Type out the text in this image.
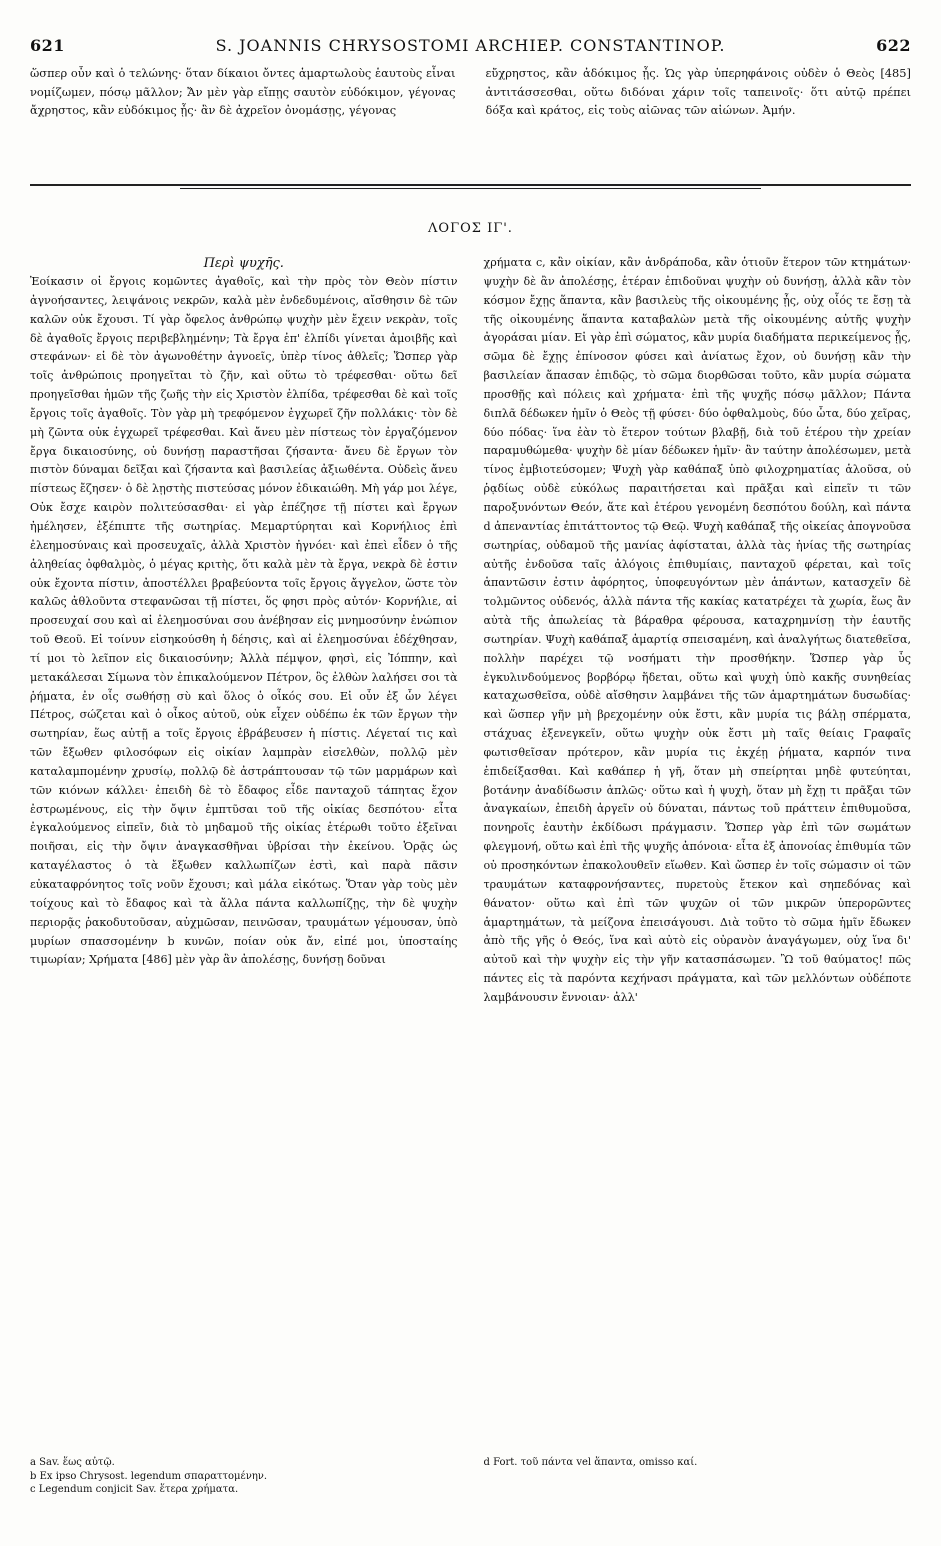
621	S. JOANNIS CHRYSOSTOMI ARCHIEP. CONSTANTINOP.	622

ὥσπερ οὖν καὶ ὁ τελώνης· ὅταν δίκαιοι ὄντες ἁμαρτωλοὺς ἑαυτοὺς εἶναι νομίζωμεν, πόσῳ μᾶλλον; Ἄν μὲν γὰρ εἴπῃς σαυτὸν εὐδόκιμον, γέγονας ἄχρηστος, κἂν εὐδόκιμος ᾖς· ἂν δὲ ἀχρεῖον ὀνομάσῃς, γέγονας

εὔχρηστος, κἂν ἀδόκιμος ᾖς. Ὡς γὰρ ὑπερηφάνοις οὐδὲν ὁ Θεὸς [485] ἀντιτάσσεσθαι, οὕτω διδόναι χάριν τοῖς ταπεινοῖς· ὅτι αὐτῷ πρέπει δόξα καὶ κράτος, εἰς τοὺς αἰῶνας τῶν αἰώνων. Ἀμήν.

ΛΟΓΟΣ ΙΓ'.

Περὶ ψυχῆς.

Ἐοίκασιν οἱ ἔργοις κομῶντες ἀγαθοῖς, καὶ τὴν πρὸς τὸν Θεὸν πίστιν ἀγνοήσαντες, λειψάνοις νεκρῶν, καλὰ μὲν ἐνδεδυμένοις, αἴσθησιν δὲ τῶν καλῶν οὐκ ἔχουσι. Τί γὰρ ὄφελος ἀνθρώπῳ ψυχὴν μὲν ἔχειν νεκρὰν, τοῖς δὲ ἀγαθοῖς ἔργοις περιβεβλημένην; Τὰ ἔργα ἐπ' ἐλπίδι γίνεται ἀμοιβῆς καὶ στεφάνων· εἰ δὲ τὸν ἀγωνοθέτην ἀγνοεῖς, ὑπὲρ τίνος ἀθλεῖς; Ὥσπερ γὰρ τοῖς ἀνθρώποις προηγεῖται τὸ ζῆν, καὶ οὕτω τὸ τρέφεσθαι· οὕτω δεῖ προηγεῖσθαι ἡμῶν τῆς ζωῆς τὴν εἰς Χριστὸν ἐλπίδα, τρέφεσθαι δὲ καὶ τοῖς ἔργοις τοῖς ἀγαθοῖς. Τὸν γὰρ μὴ τρεφόμενον ἐγχωρεῖ ζῆν πολλάκις· τὸν δὲ μὴ ζῶντα οὐκ ἐγχωρεῖ τρέφεσθαι. Καὶ ἄνευ μὲν πίστεως τὸν ἐργαζόμενον ἔργα δικαιοσύνης, οὐ δυνήσῃ παραστῆσαι ζήσαντα· ἄνευ δὲ ἔργων τὸν πιστὸν δύναμαι δεῖξαι καὶ ζήσαντα καὶ βασιλείας ἀξιωθέντα. Οὐδεὶς ἄνευ πίστεως ἔζησεν· ὁ δὲ λῃστὴς πιστεύσας μόνον ἐδικαιώθη. Μὴ γάρ μοι λέγε, Οὐκ ἔσχε καιρὸν πολιτεύσασθαι· εἰ γὰρ ἐπέζησε τῇ πίστει καὶ ἔργων ἠμέλησεν, ἐξέπιπτε τῆς σωτηρίας. Μεμαρτύρηται καὶ Κορνήλιος ἐπὶ ἐλεημοσύναις καὶ προσευχαῖς, ἀλλὰ Χριστὸν ἠγνόει· καὶ ἐπεὶ εἶδεν ὁ τῆς ἀληθείας ὀφθαλμὸς, ὁ μέγας κριτὴς, ὅτι καλὰ μὲν τὰ ἔργα, νεκρὰ δὲ ἐστιν οὐκ ἔχοντα πίστιν, ἀποστέλλει βραβεύοντα τοῖς ἔργοις ἄγγελον, ὥστε τὸν καλῶς ἀθλοῦντα στεφανῶσαι τῇ πίστει, ὅς φησι πρὸς αὐτόν· Κορνήλιε, αἱ προσευχαί σου καὶ αἱ ἐλεημοσύναι σου ἀνέβησαν εἰς μνημοσύνην ἐνώπιον τοῦ Θεοῦ. Εἰ τοίνυν εἰσηκούσθη ἡ δέησις, καὶ αἱ ἐλεημοσύναι ἐδέχθησαν, τί μοι τὸ λεῖπον εἰς δικαιοσύνην; Ἀλλὰ πέμψον, φησὶ, εἰς Ἰόππην, καὶ μετακάλεσαι Σίμωνα τὸν ἐπικαλούμενον Πέτρον, ὃς ἐλθὼν λαλήσει σοι τὰ ῥήματα, ἐν οἷς σωθήσῃ σὺ καὶ ὅλος ὁ οἶκός σου. Εἰ οὖν ἐξ ὧν λέγει Πέτρος, σώζεται καὶ ὁ οἶκος αὐτοῦ, οὐκ εἶχεν οὐδέπω ἐκ τῶν ἔργων τὴν σωτηρίαν, ἕως αὐτῇ a τοῖς ἔργοις ἐβράβευσεν ἡ πίστις. Λέγεταί τις καὶ τῶν ἔξωθεν φιλοσόφων εἰς οἰκίαν λαμπρὰν εἰσελθὼν, πολλῷ μὲν καταλαμπομένην χρυσίῳ, πολλῷ δὲ ἀστράπτουσαν τῷ τῶν μαρμάρων καὶ τῶν κιόνων κάλλει· ἐπειδὴ δὲ τὸ ἔδαφος εἶδε πανταχοῦ τάπητας ἔχον ἐστρωμένους, εἰς τὴν ὄψιν ἐμπτῦσαι τοῦ τῆς οἰκίας δεσπότου· εἶτα ἐγκαλούμενος εἰπεῖν, διὰ τὸ μηδαμοῦ τῆς οἰκίας ἑτέρωθι τοῦτο ἐξεῖναι ποιῆσαι, εἰς τὴν ὄψιν ἀναγκασθῆναι ὑβρίσαι τὴν ἐκείνου. Ὁρᾷς ὡς καταγέλαστος ὁ τὰ ἔξωθεν καλλωπίζων ἐστὶ, καὶ παρὰ πᾶσιν εὐκαταφρόνητος τοῖς νοῦν ἔχουσι; καὶ μάλα εἰκότως. Ὅταν γὰρ τοὺς μὲν τοίχους καὶ τὸ ἔδαφος καὶ τὰ ἄλλα πάντα καλλωπίζῃς, τὴν δὲ ψυχὴν περιορᾷς ῥακοδυτοῦσαν, αὐχμῶσαν, πεινῶσαν, τραυμάτων γέμουσαν, ὑπὸ μυρίων σπασσομένην b κυνῶν, ποίαν οὐκ ἄν, εἰπέ μοι, ὑποσταίης τιμωρίαν; Χρήματα [486] μὲν γὰρ ἂν ἀπολέσῃς, δυνήσῃ δοῦναι

χρήματα c, κἂν οἰκίαν, κἂν ἀνδράποδα, κἂν ὁτιοῦν ἕτερον τῶν κτημάτων· ψυχὴν δὲ ἂν ἀπολέσῃς, ἑτέραν ἐπιδοῦναι ψυχὴν οὐ δυνήσῃ, ἀλλὰ κἂν τὸν κόσμον ἔχῃς ἅπαντα, κἂν βασιλεὺς τῆς οἰκουμένης ᾖς, οὐχ οἷός τε ἔσῃ τὰ τῆς οἰκουμένης ἅπαντα καταβαλὼν μετὰ τῆς οἰκουμένης αὐτῆς ψυχὴν ἀγοράσαι μίαν. Εἰ γὰρ ἐπὶ σώματος, κἂν μυρία διαδήματα περικείμενος ᾖς, σῶμα δὲ ἔχῃς ἐπίνοσον φύσει καὶ ἀνίατως ἔχον, οὐ δυνήσῃ κἂν τὴν βασιλείαν ἅπασαν ἐπιδῷς, τὸ σῶμα διορθῶσαι τοῦτο, κἂν μυρία σώματα προσθῇς καὶ πόλεις καὶ χρήματα· ἐπὶ τῆς ψυχῆς πόσῳ μᾶλλον; Πάντα διπλᾶ δέδωκεν ἡμῖν ὁ Θεὸς τῇ φύσει· δύο ὀφθαλμοὺς, δύο ὦτα, δύο χεῖρας, δύο πόδας· ἵνα ἐὰν τὸ ἕτερον τούτων βλαβῇ, διὰ τοῦ ἑτέρου τὴν χρείαν παραμυθώμεθα· ψυχὴν δὲ μίαν δέδωκεν ἡμῖν· ἂν ταύτην ἀπολέσωμεν, μετὰ τίνος ἐμβιοτεύσομεν; Ψυχὴ γὰρ καθάπαξ ὑπὸ φιλοχρηματίας ἁλοῦσα, οὐ ῥᾳδίως οὐδὲ εὐκόλως παραιτήσεται καὶ πρᾶξαι καὶ εἰπεῖν τι τῶν παροξυνόντων Θεόν, ἅτε καὶ ἑτέρου γενομένη δεσπότου δούλη, καὶ πάντα d ἀπεναντίας ἐπιτάττοντος τῷ Θεῷ. Ψυχὴ καθάπαξ τῆς οἰκείας ἀπογνοῦσα σωτηρίας, οὐδαμοῦ τῆς μανίας ἀφίσταται, ἀλλὰ τὰς ἡνίας τῆς σωτηρίας αὐτῆς ἐνδοῦσα ταῖς ἀλόγοις ἐπιθυμίαις, πανταχοῦ φέρεται, καὶ τοῖς ἁπαντῶσιν ἐστιν ἀφόρητος, ὑποφευγόντων μὲν ἁπάντων, κατασχεῖν δὲ τολμῶντος οὐδενός, ἀλλὰ πάντα τῆς κακίας κατατρέχει τὰ χωρία, ἕως ἂν αὐτὰ τῆς ἀπωλείας τὰ βάραθρα φέρουσα, καταχρημνίσῃ τὴν ἑαυτῆς σωτηρίαν. Ψυχὴ καθάπαξ ἁμαρτίᾳ σπεισαμένη, καὶ ἀναλγήτως διατεθεῖσα, πολλὴν παρέχει τῷ νοσήματι τὴν προσθήκην. Ὥσπερ γὰρ ὗς ἐγκυλινδούμενος βορβόρῳ ἥδεται, οὕτω καὶ ψυχὴ ὑπὸ κακῆς συνηθείας καταχωσθεῖσα, οὐδὲ αἴσθησιν λαμβάνει τῆς τῶν ἁμαρτημάτων δυσωδίας· καὶ ὥσπερ γῆν μὴ βρεχομένην οὐκ ἔστι, κἂν μυρία τις βάλῃ σπέρματα, στάχυας ἐξενεγκεῖν, οὕτω ψυχὴν οὐκ ἔστι μὴ ταῖς θείαις Γραφαῖς φωτισθεῖσαν πρότερον, κἂν μυρία τις ἐκχέῃ ῥήματα, καρπόν τινα ἐπιδείξασθαι. Καὶ καθάπερ ἡ γῆ, ὅταν μὴ σπείρηται μηδὲ φυτεύηται, βοτάνην ἀναδίδωσιν ἁπλῶς· οὕτω καὶ ἡ ψυχὴ, ὅταν μὴ ἔχῃ τι πρᾶξαι τῶν ἀναγκαίων, ἐπειδὴ ἀργεῖν οὐ δύναται, πάντως τοῦ πράττειν ἐπιθυμοῦσα, πονηροῖς ἑαυτὴν ἐκδίδωσι πράγμασιν. Ὥσπερ γὰρ ἐπὶ τῶν σωμάτων φλεγμονή, οὕτω καὶ ἐπὶ τῆς ψυχῆς ἀπόνοια· εἶτα ἐξ ἀπονοίας ἐπιθυμία τῶν οὐ προσηκόντων ἐπακολουθεῖν εἴωθεν. Καὶ ὥσπερ ἐν τοῖς σώμασιν οἱ τῶν τραυμάτων καταφρονήσαντες, πυρετοὺς ἔτεκον καὶ σηπεδόνας καὶ θάνατον· οὕτω καὶ ἐπὶ τῶν ψυχῶν οἱ τῶν μικρῶν ὑπερορῶντες ἁμαρτημάτων, τὰ μείζονα ἐπεισάγουσι. Διὰ τοῦτο τὸ σῶμα ἡμῖν ἔδωκεν ἀπὸ τῆς γῆς ὁ Θεός, ἵνα καὶ αὐτὸ εἰς οὐρανὸν ἀναγάγωμεν, οὐχ ἵνα δι' αὐτοῦ καὶ τὴν ψυχὴν εἰς τὴν γῆν κατασπάσωμεν. Ὢ τοῦ θαύματος! πῶς πάντες εἰς τὰ παρόντα κεχήνασι πράγματα, καὶ τῶν μελλόντων οὐδέποτε λαμβάνουσιν ἔννοιαν· ἀλλ'

a Sav. ἕως αὐτῷ.

b Ex ipso Chrysost. legendum σπαραττομένην.

c Legendum conjicit Sav. ἕτερα χρήματα.

d Fort. τοῦ πάντα vel ἅπαντα, omisso καί.
